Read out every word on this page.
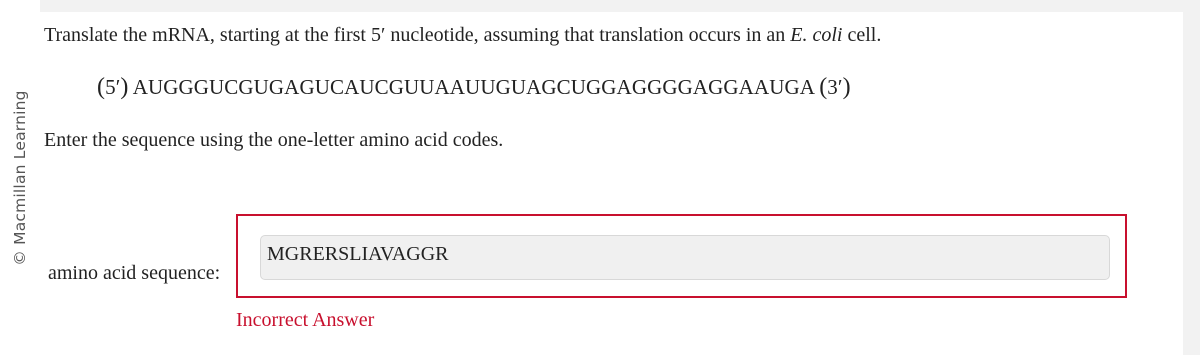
© Macmillan Learning
Translate the mRNA, starting at the first 5′ nucleotide, assuming that translation occurs in an E. coli cell.
(5′) AUGGGUCGUGAGUCAUCGUUAAUUGUAGCUGGAGGGGAGGAAUGA (3′)
Enter the sequence using the one-letter amino acid codes.
amino acid sequence:
MGRERSLIAVAGGR
Incorrect Answer
